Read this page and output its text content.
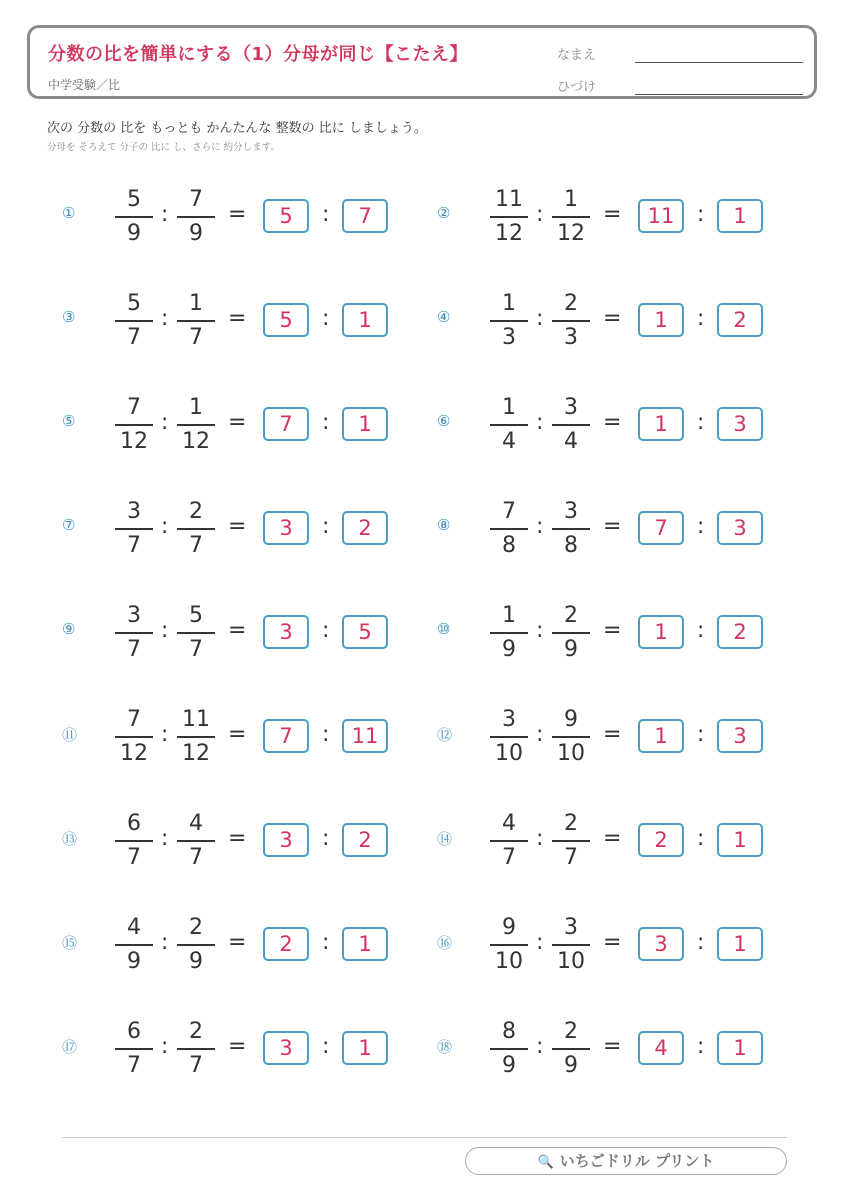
分数の比を簡単にする（1）分母が同じ【こたえ】
中学受験／比
なまえ
ひづけ
次の 分数の 比を もっとも かんたんな 整数の 比に しましょう。
分母を そろえて 分子の 比に し、さらに 約分します。
①
5
9
:
7
9
=	5	:	7	②
11
12
:
1
12
=	11	:	1
③
5
7
:
1
7
=	5	:	1	④
1
3
:
2
3
=	1	:	2
⑤
7
12
:
1
12
=	7	:	1	⑥
1
4
:
3
4
=	1	:	3
⑦
3
7
:
2
7
=	3	:	2	⑧
7
8
:
3
8
=	7	:	3
⑨
3
7
:
5
7
=	3	:	5	⑩
1
9
:
2
9
=	1	:	2
⑪
7
12
:
11
12
=	7	:	11	⑫
3
10
:
9
10
=	1	:	3
⑬
6
7
:
4
7
=	3	:	2	⑭
4
7
:
2
7
=	2	:	1
⑮
4
9
:
2
9
=	2	:	1	⑯
9
10
:
3
10
=	3	:	1
⑰
6
7
:
2
7
=	3	:	1	⑱
8
9
:
2
9
=	4	:	1
🔍 いちごドリル プリント
